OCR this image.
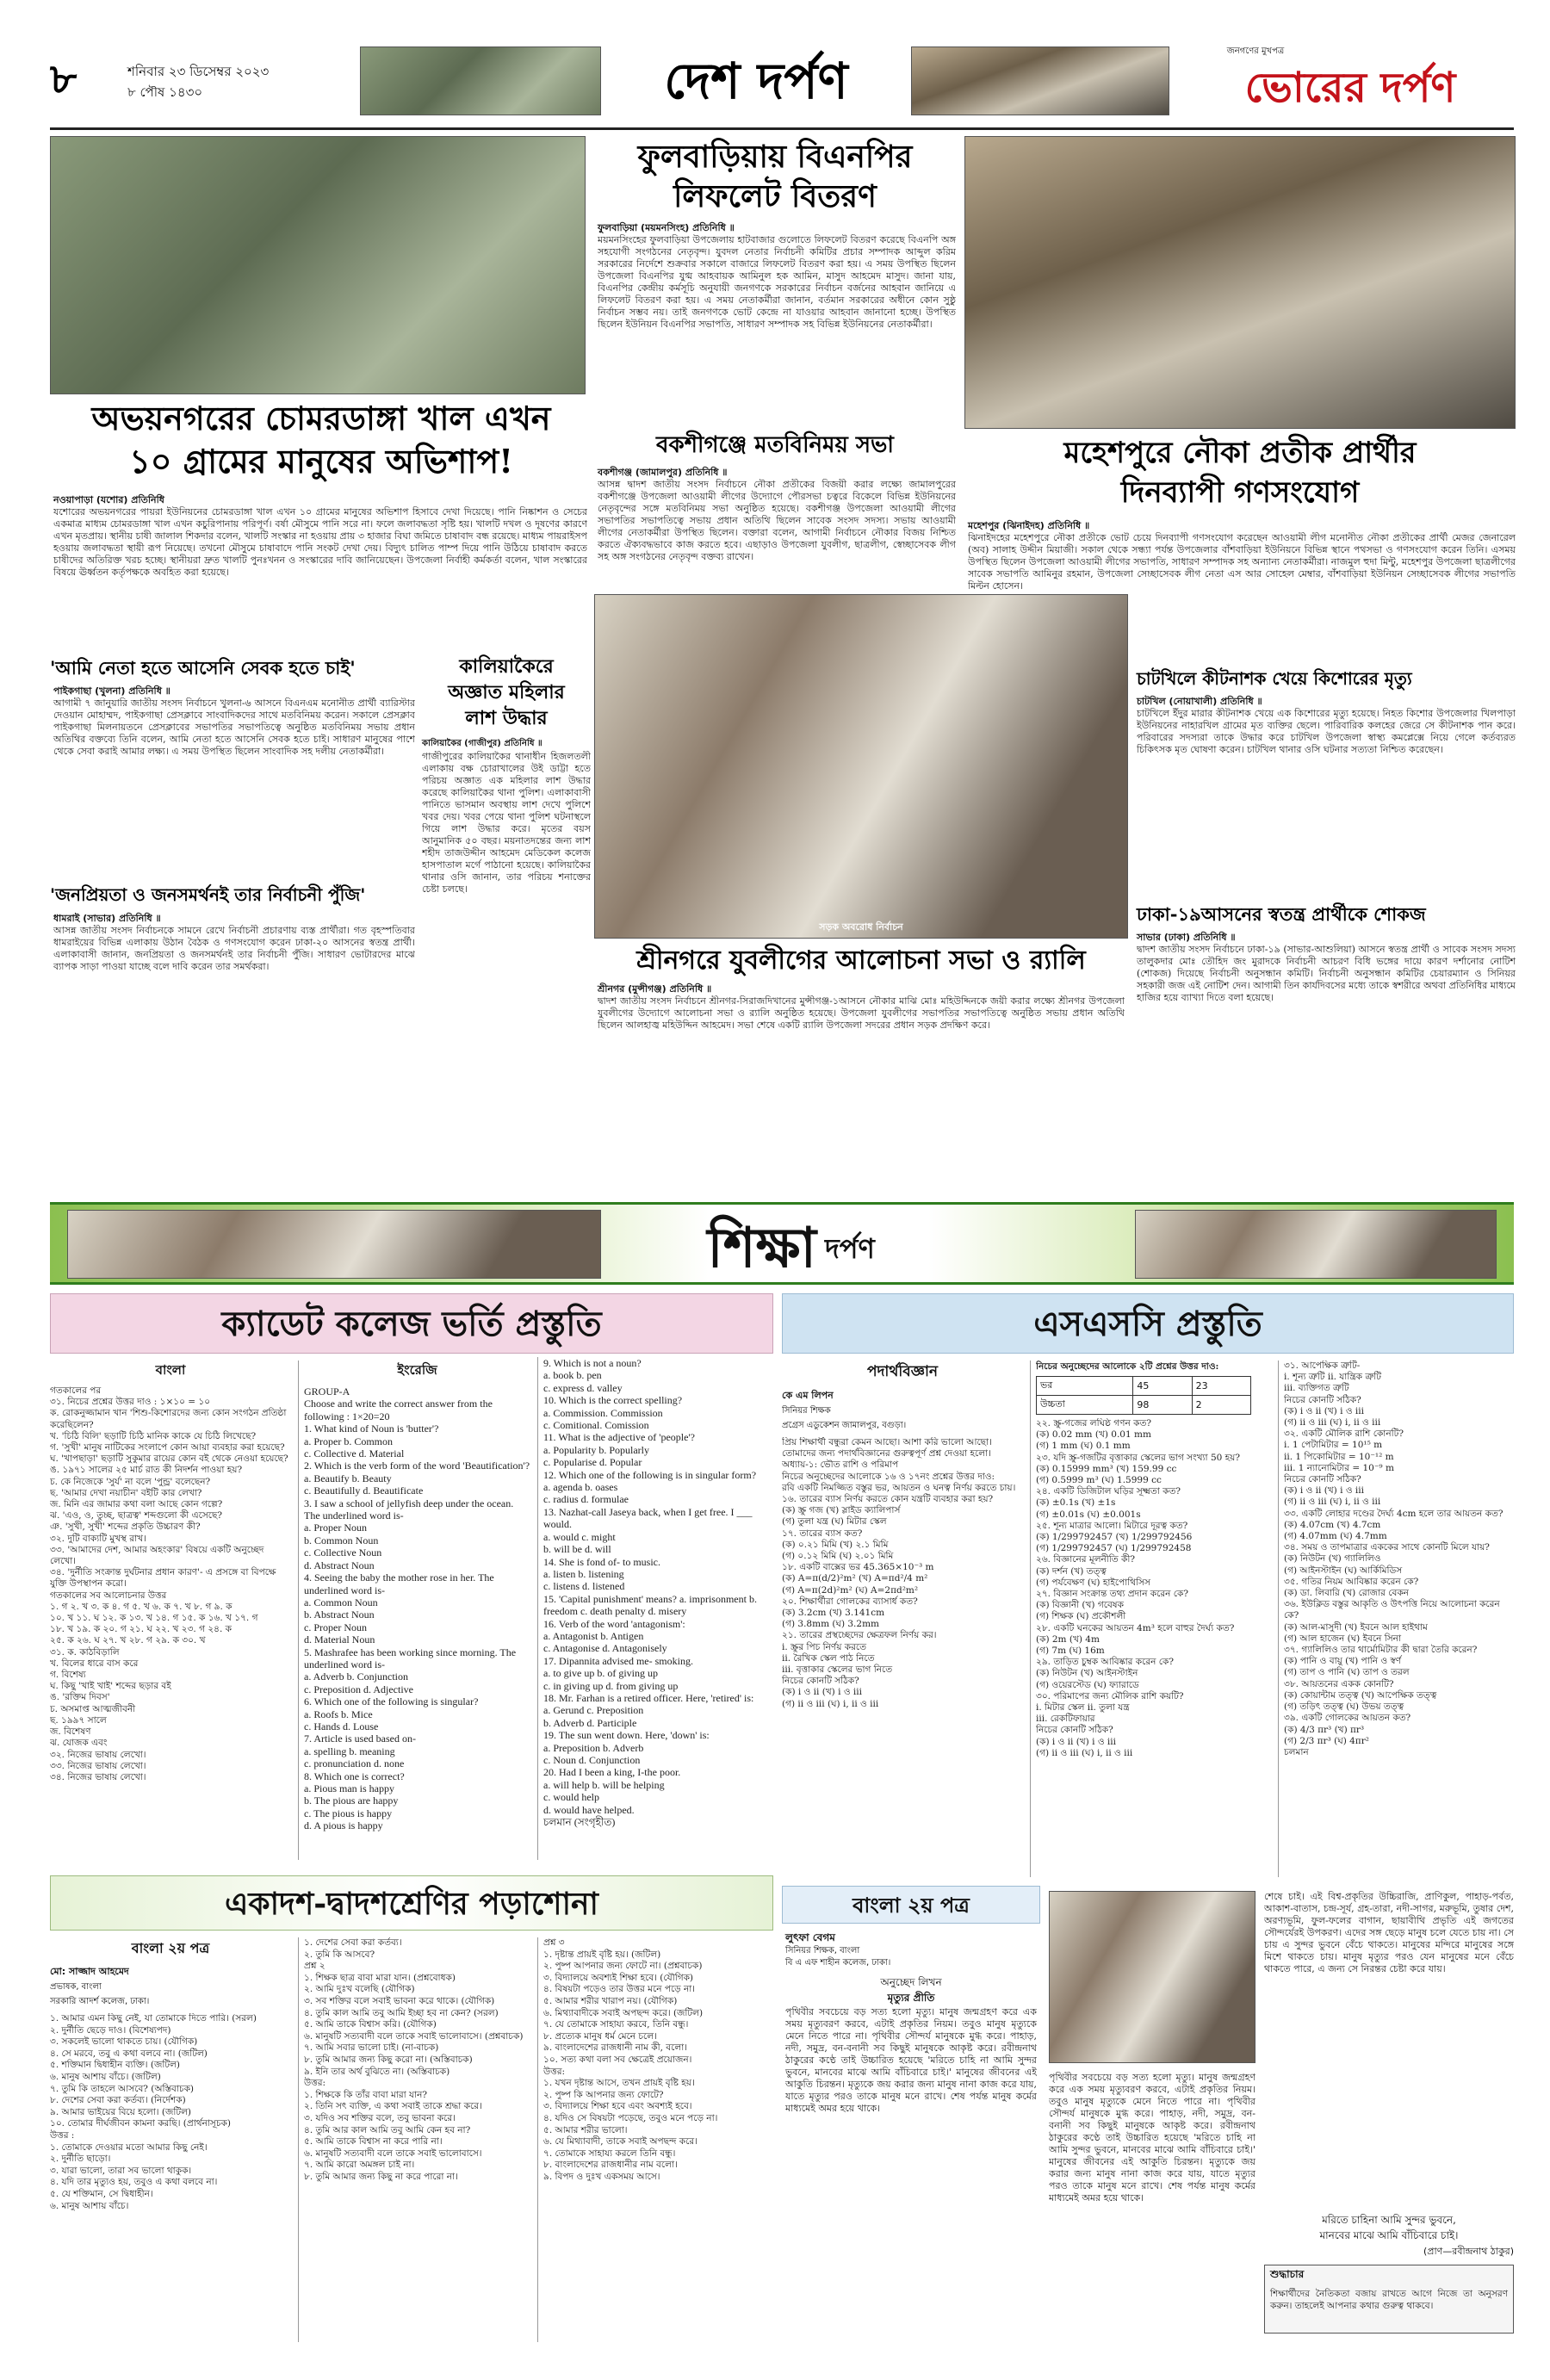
৮	শনিবার ২৩ ডিসেম্বর ২০২৩
৮ পৌষ ১৪৩০	দেশ দর্পণ
জনগণের মুখপত্র
ভোরের দর্পণ
ফুলবাড়িয়ায় বিএনপির
লিফলেট বিতরণ
ফুলবাড়িয়া (ময়মনসিংহ) প্রতিনিধি ॥
ময়মনসিংহের ফুলবাড়িয়া উপজেলায় হাটবাজার গুলোতে লিফলেট বিতরণ করেছে বিএনপি অঙ্গ সহযোগী সংগঠনের নেতৃবৃন্দ। যুবদল নেতার নির্বাচনী কমিটির প্রচার সম্পাদক আব্দুল করিম সরকারের নির্দেশে শুক্রবার সকালে বাজারে লিফলেট বিতরণ করা হয়। এ সময় উপস্থিত ছিলেন উপজেলা বিএনপির যুগ্ম আহবায়ক আমিনুল হক আমিন, মাসুদ আহমেদ মাসুদ। জানা যায়, বিএনপির কেন্দ্রীয় কর্মসূচি অনুযায়ী জনগণকে সরকারের নির্বাচন বর্জনের আহবান জানিয়ে এ লিফলেট বিতরণ করা হয়। এ সময় নেতাকর্মীরা জানান, বর্তমান সরকারের অধীনে কোন সুষ্ঠু নির্বাচন সম্ভব নয়। তাই জনগণকে ভোট কেন্দ্রে না যাওয়ার আহবান জানানো হচ্ছে। উপস্থিত ছিলেন ইউনিয়ন বিএনপির সভাপতি, সাধারণ সম্পাদক সহ বিভিন্ন ইউনিয়নের নেতাকর্মীরা।
অভয়নগরের চোমরডাঙ্গা খাল এখন
১০ গ্রামের মানুষের অভিশাপ!	বকশীগঞ্জে মতবিনিময় সভা
বকশীগঞ্জ (জামালপুর) প্রতিনিধি ॥
আসন্ন দ্বাদশ জাতীয় সংসদ নির্বাচনে নৌকা প্রতীকের বিজয়ী করার লক্ষ্যে জামালপুরের বকশীগঞ্জে উপজেলা আওয়ামী লীগের উদ্যোগে পৌরসভা চত্বরে বিকেলে বিভিন্ন ইউনিয়নের নেতৃবৃন্দের সঙ্গে মতবিনিময় সভা অনুষ্ঠিত হয়েছে। বকশীগঞ্জ উপজেলা আওয়ামী লীগের সভাপতির সভাপতিত্বে সভায় প্রধান অতিথি ছিলেন সাবেক সংসদ সদস্য। সভায় আওয়ামী লীগের নেতাকর্মীরা উপস্থিত ছিলেন। বক্তারা বলেন, আগামী নির্বাচনে নৌকার বিজয় নিশ্চিত করতে ঐক্যবদ্ধভাবে কাজ করতে হবে। এছাড়াও উপজেলা যুবলীগ, ছাত্রলীগ, স্বেচ্ছাসেবক লীগ সহ অঙ্গ সংগঠনের নেতৃবৃন্দ বক্তব্য রাখেন।
মহেশপুরে নৌকা প্রতীক প্রার্থীর
দিনব্যাপী গণসংযোগ
মহেশপুর (ঝিনাইদহ) প্রতিনিধি ॥
ঝিনাইদহের মহেশপুরে নৌকা প্রতীকে ভোট চেয়ে দিনব্যাপী গণসংযোগ করেছেন আওয়ামী লীগ মনোনীত নৌকা প্রতীকের প্রার্থী মেজর জেনারেল (অব) সালাহ উদ্দীন মিয়াজী। সকাল থেকে সন্ধ্যা পর্যন্ত উপজেলার বাঁশবাড়িয়া ইউনিয়নে বিভিন্ন স্থানে পথসভা ও গণসংযোগ করেন তিনি। এসময় উপস্থিত ছিলেন উপজেলা আওয়ামী লীগের সভাপতি, সাধারণ সম্পাদক সহ অন্যান্য নেতাকর্মীরা। নাজমুল হুদা মিন্টু, মহেশপুর উপজেলা ছাত্রলীগের সাবেক সভাপতি আমিনুর রহমান, উপজেলা সেচ্ছাসেবক লীগ নেতা এস আর সোহেল মেম্বার, বাঁশবাড়িয়া ইউনিয়ন সেচ্ছাসেবক লীগের সভাপতি মিল্টন হোসেন।
নওয়াপাড়া (যশোর) প্রতিনিধি
যশোরের অভয়নগরের পায়রা ইউনিয়নের চোমরডাঙ্গা খাল এখন ১০ গ্রামের মানুষের অভিশাপ হিসাবে দেখা দিয়েছে। পানি নিষ্কাশন ও সেচের একমাত্র মাধ্যম চোমরডাঙ্গা খাল এখন কচুরিপানায় পরিপূর্ণ। বর্ষা মৌসুমে পানি সরে না। ফলে জলাবদ্ধতা সৃষ্টি হয়। খালটি দখল ও দূষণের কারণে এখন মৃতপ্রায়। স্থানীয় চাষী জালাল শিকদার বলেন, খালটি সংস্কার না হওয়ায় প্রায় ৩ হাজার বিঘা জমিতে চাষাবাদ বন্ধ রয়েছে। মাধ্যম পায়রাইসপ হওয়ায় জলাবদ্ধতা স্থায়ী রূপ নিয়েছে। তখনো মৌসুমে চাষাবাদে পানি সংকট দেখা দেয়। বিদ্যুৎ চালিত পাম্প দিয়ে পানি উঠিয়ে চাষাবাদ করতে চাষীদের অতিরিক্ত খরচ হচ্ছে। স্থানীয়রা দ্রুত খালটি পুনঃখনন ও সংস্কারের দাবি জানিয়েছেন। উপজেলা নির্বাহী কর্মকর্তা বলেন, খাল সংস্কারের বিষয়ে ঊর্ধ্বতন কর্তৃপক্ষকে অবহিত করা হয়েছে।
সড়ক অবরোধ নির্বাচন
চাটখিলে কীটনাশক খেয়ে কিশোরের মৃত্যু
চাটখিল (নোয়াখালী) প্রতিনিধি ॥
চাটখিলে ইঁদুর মারার কীটনাশক খেয়ে এক কিশোরের মৃত্যু হয়েছে। নিহত কিশোর উপজেলার খিলপাড়া ইউনিয়নের নাহারখিল গ্রামের মৃত ব্যক্তির ছেলে। পারিবারিক কলহের জেরে সে কীটনাশক পান করে। পরিবারের সদস্যরা তাকে উদ্ধার করে চাটখিল উপজেলা স্বাস্থ্য কমপ্লেক্সে নিয়ে গেলে কর্তব্যরত চিকিৎসক মৃত ঘোষণা করেন। চাটখিল থানার ওসি ঘটনার সত্যতা নিশ্চিত করেছেন।
'আমি নেতা হতে আসেনি সেবক হতে চাই'
পাইকগাছা (খুলনা) প্রতিনিধি ॥
আগামী ৭ জানুয়ারি জাতীয় সংসদ নির্বাচনে খুলনা-৬ আসনে বিএনএম মনোনীত প্রার্থী ব্যারিস্টার দেওয়ান মোহাম্মদ, পাইকগাছা প্রেসক্লাবে সাংবাদিকদের সাথে মতবিনিময় করেন। সকালে প্রেসক্লাব পাইকগাছা মিলনায়তনে প্রেসক্লাবের সভাপতির সভাপতিত্বে অনুষ্ঠিত মতবিনিময় সভায় প্রধান অতিথির বক্তব্যে তিনি বলেন, আমি নেতা হতে আসেনি সেবক হতে চাই। সাধারণ মানুষের পাশে থেকে সেবা করাই আমার লক্ষ্য। এ সময় উপস্থিত ছিলেন সাংবাদিক সহ দলীয় নেতাকর্মীরা।
কালিয়াকৈরে
অজ্ঞাত মহিলার
লাশ উদ্ধার
কালিয়াকৈর (গাজীপুর) প্রতিনিধি ॥
গাজীপুরের কালিয়াকৈর থানাধীন হিজলতলী এলাকায় বক্ষ চোরাখালের উই ডাট্টা হতে পরিচয় অজ্ঞাত এক মহিলার লাশ উদ্ধার করেছে কালিয়াকৈর থানা পুলিশ। এলাকাবাসী পানিতে ভাসমান অবস্থায় লাশ দেখে পুলিশে খবর দেয়। খবর পেয়ে থানা পুলিশ ঘটনাস্থলে গিয়ে লাশ উদ্ধার করে। মৃতের বয়স আনুমানিক ৫০ বছর। ময়নাতদন্তের জন্য লাশ শহীদ তাজউদ্দীন আহমেদ মেডিকেল কলেজ হাসপাতাল মর্গে পাঠানো হয়েছে। কালিয়াকৈর থানার ওসি জানান, তার পরিচয় শনাক্তের চেষ্টা চলছে।
ঢাকা-১৯আসনের স্বতন্ত্র প্রার্থীকে শোকজ
সাভার (ঢাকা) প্রতিনিধি ॥
দ্বাদশ জাতীয় সংসদ নির্বাচনে ঢাকা-১৯ (সাভার-আশুলিয়া) আসনে স্বতন্ত্র প্রার্থী ও সাবেক সংসদ সদস্য তালুকদার মোঃ তৌহিদ জং মুরাদকে নির্বাচনী আচরণ বিধি ভঙ্গের দায়ে কারণ দর্শানোর নোটিশ (শোকজ) দিয়েছে নির্বাচনী অনুসন্ধান কমিটি। নির্বাচনী অনুসন্ধান কমিটির চেয়ারম্যান ও সিনিয়র সহকারী জজ এই নোটিশ দেন। আগামী তিন কার্যদিবসের মধ্যে তাকে স্বশরীরে অথবা প্রতিনিধির মাধ্যমে হাজির হয়ে ব্যাখ্যা দিতে বলা হয়েছে।
'জনপ্রিয়তা ও জনসমর্থনই তার নির্বাচনী পুঁজি'
ধামরাই (সাভার) প্রতিনিধি ॥
আসন্ন জাতীয় সংসদ নির্বাচনকে সামনে রেখে নির্বাচনী প্রচারণায় ব্যস্ত প্রার্থীরা। গত বৃহস্পতিবার ধামরাইয়ের বিভিন্ন এলাকায় উঠান বৈঠক ও গণসংযোগ করেন ঢাকা-২০ আসনের স্বতন্ত্র প্রার্থী। এলাকাবাসী জানান, জনপ্রিয়তা ও জনসমর্থনই তার নির্বাচনী পুঁজি। সাধারণ ভোটারদের মাঝে ব্যাপক সাড়া পাওয়া যাচ্ছে বলে দাবি করেন তার সমর্থকরা।	শ্রীনগরে যুবলীগের আলোচনা সভা ও র‍্যালি
শ্রীনগর (মুন্সীগঞ্জ) প্রতিনিধি ॥
দ্বাদশ জাতীয় সংসদ নির্বাচনে শ্রীনগর-সিরাজদিখানের মুন্সীগঞ্জ-১আসনে নৌকার মাঝি মোঃ মহিউদ্দিনকে জয়ী করার লক্ষ্যে শ্রীনগর উপজেলা যুবলীগের উদ্যোগে আলোচনা সভা ও র‍্যালি অনুষ্ঠিত হয়েছে। উপজেলা যুবলীগের সভাপতির সভাপতিত্বে অনুষ্ঠিত সভায় প্রধান অতিথি ছিলেন আলহাজ্ব মহিউদ্দিন আহমেদ। সভা শেষে একটি র‍্যালি উপজেলা সদরের প্রধান সড়ক প্রদক্ষিণ করে।
শিক্ষা দর্পণ
ক্যাডেট কলেজ ভর্তি প্রস্তুতি
বাংলা
গতকালের পর
৩১. নিচের প্রশ্নের উত্তর দাও : ১×১০ = ১০
ক. রোকনুজ্জামান খান 'শিশু-কিশোরদের জন্য কোন সংগঠন প্রতিষ্ঠা করেছিলেন?
খ. 'চিঠি বিলি' ছড়াটি চিঠি মানিক কাকে যে চিঠি লিখেছে?
গ. 'সুখী' মানুষ নাটিকের সংলাপে কোন আয়া ব্যবহার করা হয়েছে?
ঘ. 'খাপছাড়া' ছড়াটি সুকুমার রায়ের কোন বই থেকে নেওয়া হয়েছে?
ঙ. ১৯৭১ সালের ২৫ মার্চ রাত কী নিদর্শন পাওয়া হয়?
চ. কে নিজেকে 'সুর্য' না বলে 'পুন্ড্র' বলেছেন?
ছ. 'আমার দেখা নয়াচীন' বইটি কার লেখা?
জ. মিনি এর জামার কথা বলা আছে কোন গল্পে?
ঝ. 'এও, ও, তুচ্ছ, ছাত্রত্ব' শব্দগুলো কী এসেছে?
ঞ. 'সুখী, সুখী' শব্দের প্রকৃতি উচ্চারণ কী?
৩২. দুটি বাক্যটি মুখস্থ রাখ।
৩৩. 'আমাদের দেশ, আমার অহংকার' বিষয়ে একটি অনুচ্ছেদ লেখো।
৩৪. 'দুর্নীতি সংক্রান্ত দুর্ঘটনার প্রধান কারণ'- এ প্রসঙ্গে বা বিপক্ষে যুক্তি উপস্থাপন করো।
গতকালের সব আলোচনার উত্তর
১. গ ২. খ ৩. ক ৪. গ ৫. খ ৬. ক ৭. খ ৮. গ ৯. ক
১০. খ ১১. ঘ ১২. ক ১৩. খ ১৪. গ ১৫. ক ১৬. খ ১৭. গ
১৮. খ ১৯. ক ২০. গ ২১. ঘ ২২. খ ২৩. গ ২৪. ক
২৫. ক ২৬. ঘ ২৭. খ ২৮. গ ২৯. ক ৩০. খ
৩১. ক. কাঠবিড়ালি
খ. বিলের ধারে বাস করে
গ. বিশেষ্য
ঘ. কিছু 'খাই খাই' শব্দের ছড়ার বই
ঙ. 'রক্তিম দিবস'
চ. অসমাপ্ত আত্মজীবনী
ছ. ১৯৯৭ সালে
জ. বিশেষণ
ঝ. যোজক এবং
৩২. নিজের ভাষায় লেখো।
৩৩. নিজের ভাষায় লেখো।
৩৪. নিজের ভাষায় লেখো।
ইংরেজি
GROUP-A
Choose and write the correct answer from the following : 1×20=20
1. What kind of Noun is 'butter'?
a. Proper b. Common
c. Collective d. Material
2. Which is the verb form of the word 'Beautification'?
a. Beautify b. Beauty
c. Beautifully d. Beautificate
3. I saw a school of jellyfish deep under the ocean. The underlined word is-
a. Proper Noun
b. Common Noun
c. Collective Noun
d. Abstract Noun
4. Seeing the baby the mother rose in her. The underlined word is-
a. Common Noun
b. Abstract Noun
c. Proper Noun
d. Material Noun
5. Mashrafee has been working since morning. The underlined word is-
a. Adverb b. Conjunction
c. Preposition d. Adjective
6. Which one of the following is singular?
a. Roofs b. Mice
c. Hands d. Louse
7. Article is used based on-
a. spelling b. meaning
c. pronunciation d. none
8. Which one is correct?
a. Pious man is happy
b. The pious are happy
c. The pious is happy
d. A pious is happy
9. Which is not a noun?
a. book b. pen
c. express d. valley
10. Which is the correct spelling?
a. Commission. Commission
c. Comitional. Comission
11. What is the adjective of 'people'?
a. Popularity b. Popularly
c. Popularise d. Popular
12. Which one of the following is in singular form?
a. agenda b. oases
c. radius d. formulae
13. Nazhat-call Jaseya back, when I get free. I ___ would.
a. would c. might
b. will be d. will
14. She is fond of- to music.
a. listen b. listening
c. listens d. listened
15. 'Capital punishment' means? a. imprisonment b. freedom c. death penalty d. misery
16. Verb of the word 'antagonism':
a. Antagonist b. Antigen
c. Antagonise d. Antagonisely
17. Dipannita advised me- smoking.
a. to give up b. of giving up
c. in giving up d. from giving up
18. Mr. Farhan is a retired officer. Here, 'retired' is:
a. Gerund c. Preposition
b. Adverb d. Participle
19. The sun went down. Here, 'down' is:
a. Preposition b. Adverb
c. Noun d. Conjunction
20. Had I been a king, I-the poor.
a. will help b. will be helping
c. would help
d. would have helped.
চলমান (সংগৃহীত)
এসএসসি প্রস্তুতি
পদার্থবিজ্ঞান
কে এম লিপন
সিনিয়র শিক্ষক
প্রগ্রেস এডুকেশন জামালপুর, বগুড়া।
প্রিয় শিক্ষার্থী বন্ধুরা কেমন আছো। আশা করি ভালো আছো। তোমাদের জন্য পদার্থবিজ্ঞানের গুরুত্বপূর্ণ প্রশ্ন দেওয়া হলো।
অধ্যায়-১: ভৌত রাশি ও পরিমাপ
নিচের অনুচ্ছেদের আলোকে ১৬ ও ১৭নং প্রশ্নের উত্তর দাও:
রবি একটি নিমজ্জিত বস্তুর ভর, আয়তন ও ঘনত্ব নির্ণয় করতে চায়।
১৬. তারের ব্যাস নির্ণয় করতে কোন যন্ত্রটি ব্যবহার করা হয়?
(ক) স্ক্রু গজ (খ) স্লাইড ক্যালিপার্স
(গ) তুলা যন্ত্র (ঘ) মিটার স্কেল
১৭. তারের ব্যাস কত?
(ক) ০.২১ মিমি (খ) ২.১ মিমি
(গ) ০.১২ মিমি (ঘ) ২.০১ মিমি
১৮. একটি বাক্সের ভর 45.365×10⁻³ m
(ক) A=π(d/2)²m² (খ) A=πd²/4 m²
(গ) A=π(2d)²m² (ঘ) A=2πd²m²
২০. শিক্ষার্থীরা গোলকের ব্যাসার্ধ কত?
(ক) 3.2cm (খ) 3.141cm
(গ) 3.8mm (ঘ) 3.2mm
২১. তারের প্রস্থচ্ছেদের ক্ষেত্রফল নির্ণয় কর।
i. স্ক্রুর পিচ নির্ণয় করতে
ii. রৈখিক স্কেল পাঠ নিতে
iii. বৃত্তাকার স্কেলের ভাগ নিতে
নিচের কোনটি সঠিক?
(ক) i ও ii (খ) i ও iii
(গ) ii ও iii (ঘ) i, ii ও iii
নিচের অনুচ্ছেদের আলোকে ২টি প্রশ্নের উত্তর দাও:
ভর	45	23
উচ্চতা	98	2
২২. স্ক্রু-গজের লঘিষ্ঠ গণন কত?
(ক) 0.02 mm (খ) 0.01 mm
(গ) 1 mm (ঘ) 0.1 mm
২৩. যদি স্ক্রু-গজটির বৃত্তাকার স্কেলের ভাগ সংখ্যা 50 হয়?
(ক) 0.15999 mm³ (খ) 159.99 cc
(গ) 0.5999 m³ (ঘ) 1.5999 cc
২৪. একটি ডিজিটাল ঘড়ির সূক্ষ্মতা কত?
(ক) ±0.1s (খ) ±1s
(গ) ±0.01s (ঘ) ±0.001s
২৫. শূন্য মাত্রার আলো। মিটারে দূরত্ব কত?
(ক) 1/299792457 (খ) 1/299792456
(গ) 1/299792457 (ঘ) 1/299792458
২৬. বিজ্ঞানের মূলনীতি কী?
(ক) দর্শন (খ) তত্ত্ব
(গ) পর্যবেক্ষণ (ঘ) হাইপোথিসিস
২৭. বিজ্ঞান সংক্রান্ত তথ্য প্রদান করেন কে?
(ক) বিজ্ঞানী (খ) গবেষক
(গ) শিক্ষক (ঘ) প্রকৌশলী
২৮. একটি ঘনকের আয়তন 4m³ হলে বাহুর দৈর্ঘ্য কত?
(ক) 2m (খ) 4m
(গ) 7m (ঘ) 16m
২৯. তাড়িত চুম্বক আবিষ্কার করেন কে?
(ক) নিউটন (খ) আইনস্টাইন
(গ) ওয়েরস্টেড (ঘ) ফ্যারাডে
৩০. পরিমাপের জন্য মৌলিক রাশি কয়টি?
i. মিটার স্কেল ii. তুলা যন্ত্র
iii. রেকটিফায়ার
নিচের কোনটি সঠিক?
(ক) i ও ii (খ) i ও iii
(গ) ii ও iii (ঘ) i, ii ও iii
৩১. আপেক্ষিক ত্রুটি-
i. শূন্য ত্রুটি ii. যান্ত্রিক ত্রুটি
iii. ব্যক্তিগত ত্রুটি
নিচের কোনটি সঠিক?
(ক) i ও ii (খ) i ও iii
(গ) ii ও iii (ঘ) i, ii ও iii
৩২. একটি মৌলিক রাশি কোনটি?
i. 1 পেটামিটার = 10¹⁵ m
ii. 1 পিকোমিটার = 10⁻¹² m
iii. 1 ন্যানোমিটার = 10⁻⁹ m
নিচের কোনটি সঠিক?
(ক) i ও ii (খ) i ও iii
(গ) ii ও iii (ঘ) i, ii ও iii
৩৩. একটি লোহার দণ্ডের দৈর্ঘ্য 4cm হলে তার আয়তন কত?
(ক) 4.07cm (খ) 4.7cm
(গ) 4.07mm (ঘ) 4.7mm
৩৪. সময় ও তাপমাত্রার এককের সাথে কোনটি মিলে যায়?
(ক) নিউটন (খ) গ্যালিলিও
(গ) আইনস্টাইন (ঘ) আর্কিমিডিস
৩৫. গতির নিয়ম আবিষ্কার করেন কে?
(ক) ডা. লিবারি (খ) রোজার বেকন
৩৬. ইউক্লিড বস্তুর আকৃতি ও উৎপত্তি নিয়ে আলোচনা করেন কে?
(ক) আল-মাসুদী (খ) ইবনে আল হাইথাম
(গ) আল হাজেন (ঘ) ইবনে সিনা
৩৭. গ্যালিলিও তার থার্মোমিটার কী দ্বারা তৈরি করেন?
(ক) পানি ও বায়ু (খ) পানি ও স্বর্ণ
(গ) তাপ ও পানি (ঘ) তাপ ও তরল
৩৮. আয়তনের একক কোনটি?
(ক) কোয়ান্টাম তত্ত্ব (খ) আপেক্ষিক তত্ত্ব
(গ) তড়িৎ তত্ত্ব (ঘ) উভয় তত্ত্ব
৩৯. একটি গোলকের আয়তন কত?
(ক) 4/3 πr³ (খ) πr³
(গ) 2/3 πr³ (ঘ) 4πr²
চলমান
একাদশ-দ্বাদশশ্রেণির পড়াশোনা
বাংলা ২য় পত্র
মো: সাজ্জাদ আহমেদ
প্রভাষক, বাংলা
সরকারি আদর্শ কলেজ, ঢাকা।
১. আমার এমন কিছু নেই, যা তোমাকে দিতে পারি। (সরল)
২. দুর্নীতি ছেড়ে দাও। (বিশেষ্যপদ)
৩. সকলেই ভালো থাকতে চায়। (যৌগিক)
৪. সে মরবে, তবু এ কথা বলবে না। (জটিল)
৫. শক্তিমান দ্বিধাহীন ব্যক্তি। (জটিল)
৬. মানুষ আশায় বাঁচে। (জটিল)
৭. তুমি কি তাহলে আসবে? (অস্তিবাচক)
৮. দেশের সেবা করা কর্তব্য। (নির্দেশক)
৯. আমার ভাইয়ের বিয়ে হলো। (জটিল)
১০. তোমার দীর্ঘজীবন কামনা করছি। (প্রার্থনাসূচক)
উত্তর :
১. তোমাকে দেওয়ার মতো আমার কিছু নেই।
২. দুর্নীতি ছাড়ো।
৩. যারা ভালো, তারা সব ভালো থাকুক।
৪. যদি তার মৃত্যুও হয়, তবুও এ কথা বলবে না।
৫. যে শক্তিমান, সে দ্বিধাহীন।
৬. মানুষ আশায় বাঁচে।
১. দেশের সেবা করা কর্তব্য।
২. তুমি কি আসবে?
প্রশ্ন ২
১. শিক্ষক ছাত্র বাবা মারা যান। (প্রশ্নবোধক)
২. আমি দুঃখ বলেছি (যৌগিক)
৩. সব শক্তির বলে সবাই ভাবনা করে থাকে। (যৌগিক)
৪. তুমি কাল আমি তবু আমি ইচ্ছা হব না কেন? (সরল)
৫. আমি তাকে বিশ্বাস করি। (যৌগিক)
৬. মানুষটি সত্যবাদী বলে তাকে সবাই ভালোবাসে। (প্রশ্নবাচক)
৭. আমি সবার ভালো চাই। (না-বাচক)
৮. তুমি আমার জন্য কিছু করো না। (অস্তিবাচক)
৯. ইনি তার অর্থ বুঝিতে না। (অস্তিবাচক)
উত্তর:
১. শিক্ষকে কি তাঁর বাবা মারা যান?
২. তিনি সৎ ব্যক্তি, এ কথা সবাই তাকে শ্রদ্ধা করে।
৩. যদিও সব শক্তির বলে, তবু ভাবনা করে।
৪. তুমি আর কাল আমি তবু আমি কেন হব না?
৫. আমি তাকে বিশ্বাস না করে পারি না।
৬. মানুষটি সত্যবাদী বলে তাকে সবাই ভালোবাসে।
৭. আমি কারো অমঙ্গল চাই না।
৮. তুমি আমার জন্য কিছু না করে পারো না।
প্রশ্ন ৩
১. দৃষ্টান্ত প্রায়ই বৃষ্টি হয়। (জটিল)
২. পুষ্প আপনার জন্য ফোটে না। (প্রশ্নবাচক)
৩. বিদ্যালয়ে অবশ্যই শিক্ষা হবে। (যৌগিক)
৪. বিষয়টা পড়েও তার উত্তর মনে পড়ে না।
৫. আমার শরীর খারাপ নয়। (যৌগিক)
৬. মিথ্যাবাদীকে সবাই অপছন্দ করে। (জটিল)
৭. যে তোমাকে সাহায্য করবে, তিনি বন্ধু।
৮. প্রত্যেক মানুষ ধর্ম মেনে চলে।
৯. বাংলাদেশের রাজধানী নাম কী, বলো।
১০. সত্য কথা বলা সব ক্ষেত্রেই প্রয়োজন।
উত্তর:
১. যখন দৃষ্টান্ত আসে, তখন প্রায়ই বৃষ্টি হয়।
২. পুষ্প কি আপনার জন্য ফোটে?
৩. বিদ্যালয়ে শিক্ষা হবে এবং অবশ্যই হবে।
৪. যদিও সে বিষয়টা পড়েছে, তবুও মনে পড়ে না।
৫. আমার শরীর ভালো।
৬. যে মিথ্যাবাদী, তাকে সবাই অপছন্দ করে।
৭. তোমাকে সাহায্য করলে তিনি বন্ধু।
৮. বাংলাদেশের রাজধানীর নাম বলো।
৯. বিপদ ও দুঃখ একসময় আসে।
বাংলা ২য় পত্র
লুৎফা বেগম
সিনিয়র শিক্ষক, বাংলা
বি এ এফ শাহীন কলেজ, ঢাকা।
অনুচ্ছেদ লিখন
মৃত্যুর প্রীতি
পৃথিবীর সবচেয়ে বড় সত্য হলো মৃত্যু। মানুষ জন্মগ্রহণ করে এক সময় মৃত্যুবরণ করবে, এটাই প্রকৃতির নিয়ম। তবুও মানুষ মৃত্যুকে মেনে নিতে পারে না। পৃথিবীর সৌন্দর্য মানুষকে মুগ্ধ করে। পাহাড়, নদী, সমুদ্র, বন-বনানী সব কিছুই মানুষকে আকৃষ্ট করে। রবীন্দ্রনাথ ঠাকুরের কণ্ঠে তাই উচ্চারিত হয়েছে 'মরিতে চাহি না আমি সুন্দর ভুবনে, মানবের মাঝে আমি বাঁচিবারে চাই।' মানুষের জীবনের এই আকুতি চিরন্তন। মৃত্যুকে জয় করার জন্য মানুষ নানা কাজ করে যায়, যাতে মৃত্যুর পরও তাকে মানুষ মনে রাখে। শেষ পর্যন্ত মানুষ কর্মের মাধ্যমেই অমর হয়ে থাকে।
শেষে চাই। এই বিশ্ব-প্রকৃতির উচ্চিরাজি, প্রাণিকুল, পাহাড়-পর্বত, আকাশ-বাতাস, চন্দ্র-সূর্য, গ্রহ-তারা, নদী-সাগর, মরুভূমি, তুষার দেশ, অরণ্যভূমি, ফুল-ফলের বাগান, ছায়াবীথি প্রভৃতি এই জগতের সৌন্দর্যেরই উপকরণ। এদের সঙ্গ ছেড়ে মানুষ চলে যেতে চায় না। সে চায় এ সুন্দর ভুবনে বেঁচে থাকতে। মানুষের মন্দিরে মানুষের সঙ্গে মিশে থাকতে চায়। মানুষ মৃত্যুর পরও যেন মানুষের মনে বেঁচে থাকতে পারে, এ জন্য সে নিরন্তর চেষ্টা করে যায়।
মরিতে চাহিনা আমি সুন্দর ভুবনে,
মানবের মাঝে আমি বাঁচিবারে চাই।
(প্রাণ—রবীন্দ্রনাথ ঠাকুর)
শুদ্ধাচার
শিক্ষার্থীদের নৈতিকতা বজায় রাখতে আগে নিজে তা অনুসরণ করুন। তাহলেই আপনার কথার গুরুত্ব থাকবে।
পৃথিবীর সবচেয়ে বড় সত্য হলো মৃত্যু। মানুষ জন্মগ্রহণ করে এক সময় মৃত্যুবরণ করবে, এটাই প্রকৃতির নিয়ম। তবুও মানুষ মৃত্যুকে মেনে নিতে পারে না। পৃথিবীর সৌন্দর্য মানুষকে মুগ্ধ করে। পাহাড়, নদী, সমুদ্র, বন-বনানী সব কিছুই মানুষকে আকৃষ্ট করে। রবীন্দ্রনাথ ঠাকুরের কণ্ঠে তাই উচ্চারিত হয়েছে 'মরিতে চাহি না আমি সুন্দর ভুবনে, মানবের মাঝে আমি বাঁচিবারে চাই।' মানুষের জীবনের এই আকুতি চিরন্তন। মৃত্যুকে জয় করার জন্য মানুষ নানা কাজ করে যায়, যাতে মৃত্যুর পরও তাকে মানুষ মনে রাখে। শেষ পর্যন্ত মানুষ কর্মের মাধ্যমেই অমর হয়ে থাকে।
